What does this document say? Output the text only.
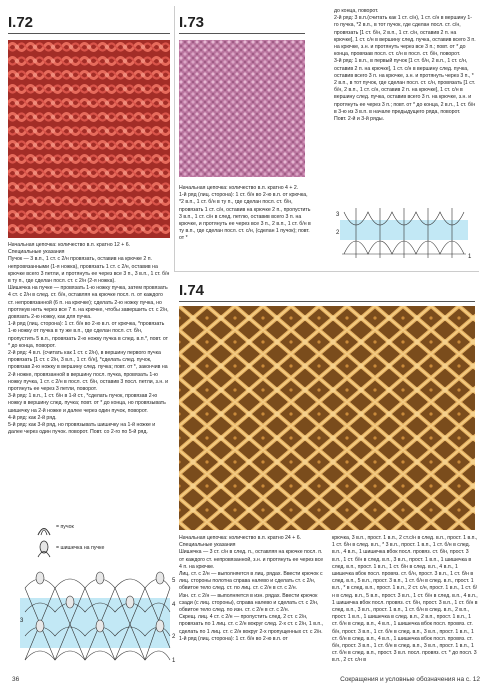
I.72
Начальная цепочка: количество в.п. кратно 12 + 6.
Специальные указания
Пучок — 3 в.п., 1 ст. с 2/н провязать, оставив на крючке 2 п. непровязанными (1-я ножка), провязать 1 ст. с 2/н, оставив на крючке всего 3 петли, и протянуть ее через все 3 п., 3 в.п., 1 ст. б/н в ту п., где сделан посл. ст. с 2/н (2-я ножка).
Шишечка на пучке — провязать 1-ю ножку пучка, затем провязать 4 ст. с 2/н в след. ст. б/н, оставляя на крючке посл. п. от каждого ст. непровязанной (6 п. на крючке); сделать 2-ю ножку пучка, но протянув нить через все 7 п. на крючке, чтобы завершить ст. с 2/н, довязать 2-ю ножку, как для пучка.
1-й ряд (лиц. сторона): 1 ст. б/н во 2-ю в.п. от крючка, *провязать 1-ю ножку от пучка в ту же в.п., где сделан посл. ст. б/н, пропустить 5 в.п., провязать 2-ю ножку пучка в след. в.п.*, повт. от * до конца, поворот.
2-й ряд: 4 в.п. (считать как 1 ст. с 2/н), в вершину первого пучка провязать [1 ст. с 2/н, 3 в.п., 1 ст. б/н], *сделать след. пучок, провязав 2-ю ножку в вершину след. пучка; повт. от *, закончив на 2-й ножке, провязанной в вершину посл. пучка, провязать 1-ю ножку пучка, 1 ст. с 2/н в посл. ст. б/н, оставив 3 посл. петли, з.н. и протянуть ее через 3 петли, поворот.
3-й ряд: 1 в.п., 1 ст. б/н в 1-й ст., *сделать пучок, провязав 2-ю ножку в вершину след. пучка; повт. от * до конца, но провязывать шишечку на 2-й ножке и далее через один пучок, поворот.
4-й ряд: как 2-й ряд.
5-й ряд: как 3-й ряд, но провязывать шишечку на 1-й ножке и далее через один пучок. поворот. Повт. со 2-го по 5-й ряд.
= пучок
= шишечка на пучке
5
4
3
2
1
I.73
Начальная цепочка: количество в.п. кратно 4 + 2.
1-й ряд (лиц. сторона): 1 ст. б/н во 2-ю в.п. от крючка, *2 в.п., 1 ст. б/н в ту п., где сделан посл. ст. б/н, провязать 1 ст. с/н, оставив на крючке 2 п., пропустить 3 в.п., 1 ст. с/н в след. петлю, оставив всего 3 п. на крючке, и протянуть ее через все 3 п., 2 в.п., 1 ст. б/н в ту в.п., где сделан посл. ст. с/н, (сделан 1 пучок); повт. от *
до конца, поворот.
2-й ряд: 3 в.п.(считать как 1 ст. с/н), 1 ст. с/н в вершину 1-го пучка, *2 в.п., в тот пучок, где сделан посл. ст. с/н, провязать [1 ст. б/н, 2 в.п., 1 ст. с/н, оставив 2 п. на крючке], 1 ст. с/н в вершину след. пучка, оставив всего 3 п. на крючке, з.н. и протянуть через все 3 п.; повт. от * до конца, провязав посл. ст. с/н в посл. ст. б/н, поворот.
3-й ряд: 1 в.п., в первый пучок [1 ст. б/н, 2 в.п., 1 ст. с/н, оставив 2 п. на крючке], 1 ст. с/н в вершину след. пучка, оставив всего 3 п. на крючке, з.н. и протянуть через 3 п., * 2 в.п., в тот пучок, где сделан посл. ст. с/н, провязать [1 ст. б/н, 2 в.п., 1 ст. с/н, оставив 2 п. на крючке], 1 ст. с/н в вершину след. пучка, оставив всего 3 п. на крючке, з.н. и протянуть ее через 3 п.; повт. от * до конца, 2 в.п., 1 ст. б/н в 3-ю из 3 в.п. в начале предыдущего ряда, поворот.
Повт. 2-й и 3-й ряды.
3
2
1
I.74
Начальная цепочка: количество в.п. кратно 24 + 6.
Специальные указания
Шишечка — 3 ст. с/н в след. п., оставляя на крючке посл. п. от каждого ст. непровязанной, з.н. и протянуть ее через все 4 п. на крючке.
Лиц. ст. с 2/н — выполняется в лиц. рядах. Ввести крючок с лиц. стороны полотна справа налево и сделать ст. с 2/н, обвитое тело след. ст. по лиц. ст. с 2/н в ст. с 2/н.
Изн. ст. с 2/н — выполняется в изн. рядах. Ввести крючок сзади (с лиц. стороны), справа налево и сделать ст. с 2/н, обвитое тело след. по изн. ст. с 2/н в ст. с 2/н.
Скрещ. лиц. 4 ст. с 2/н — пропустить след. 2 ст. с 2/н, провязать по 1 лиц. ст. с 2/н вокруг след. 2-х ст. с 2/н, 1 в.п., сделать по 1 лиц. ст. с 2/н вокруг 2-х пропущенных ст. с 2/н.
1-й ряд (лиц. сторона): 1 ст. б/н во 2-ю в.п. от
крючка, 3 в.п., прост. 1 в.п., 2 ст.с/н в след. в.п., прост. 1 в.п., 1 ст. б/н в след. в.п., * 3 в.п., прост. 1 в.п., 1 ст. б/н в след. в.п., 4 в.п., 1 шишечка вбок посл. провяз. ст. б/н, прост. 3 в.п., 1 ст. б/н в след. в.п., 3 в.п., прост. 1 в.п., 1 шишечка в след. в.п., прост. 1 в.п., 1 ст. б/н в след. в.п., 4 в.п., 1 шишечка вбок посл. провяз. ст. б/н, прост. 3 в.п., 1 ст. б/н в след. в.п., 5 в.п., прост. 3 в.п., 1 ст. б/н в след. в.п., прост. 1 в.п., * в след. в.п., прост. 1 в.п., 2 ст. с/н, прост. 1 в.п., 1 ст. б/н в след. в.п., 5 в.п., прост. 3 в.п., 1 ст. б/н в след. в.п., 4 в.п., 1 шишечка вбок посл. провяз. ст. б/н, прост. 3 в.п., 1 ст. б/н в след. в.п., 3 в.п., прост. 1 в.п., 1 ст. б/н в след. в.п., 2 в.п., прост. 1 в.п., 1 шишечка в след. в.п., 2 в.п., прост. 1 в.п., 1 ст. б/н в след. в.п., 4 в.п., 1 шишечка вбок посл. провяз. ст. б/н, прост. 3 в.п., 1 ст. б/н в след. в.п., 3 в.п., прост. 1 в.п., 1 ст. б/н в след. в.п., 4 в.п., 1 шишечка вбок посл. провяз. ст. б/н, прост. 3 в.п., 1 ст. б/н в след. в.п., 3 в.п., прост. 1 в.п., 1 ст. б/н в след. в.п., прост. 3 в.п. посл. провяз. ст. * до посл. 3 в.п., 2 ст. с/н в
36	Сокращения и условные обозначения на с. 12
